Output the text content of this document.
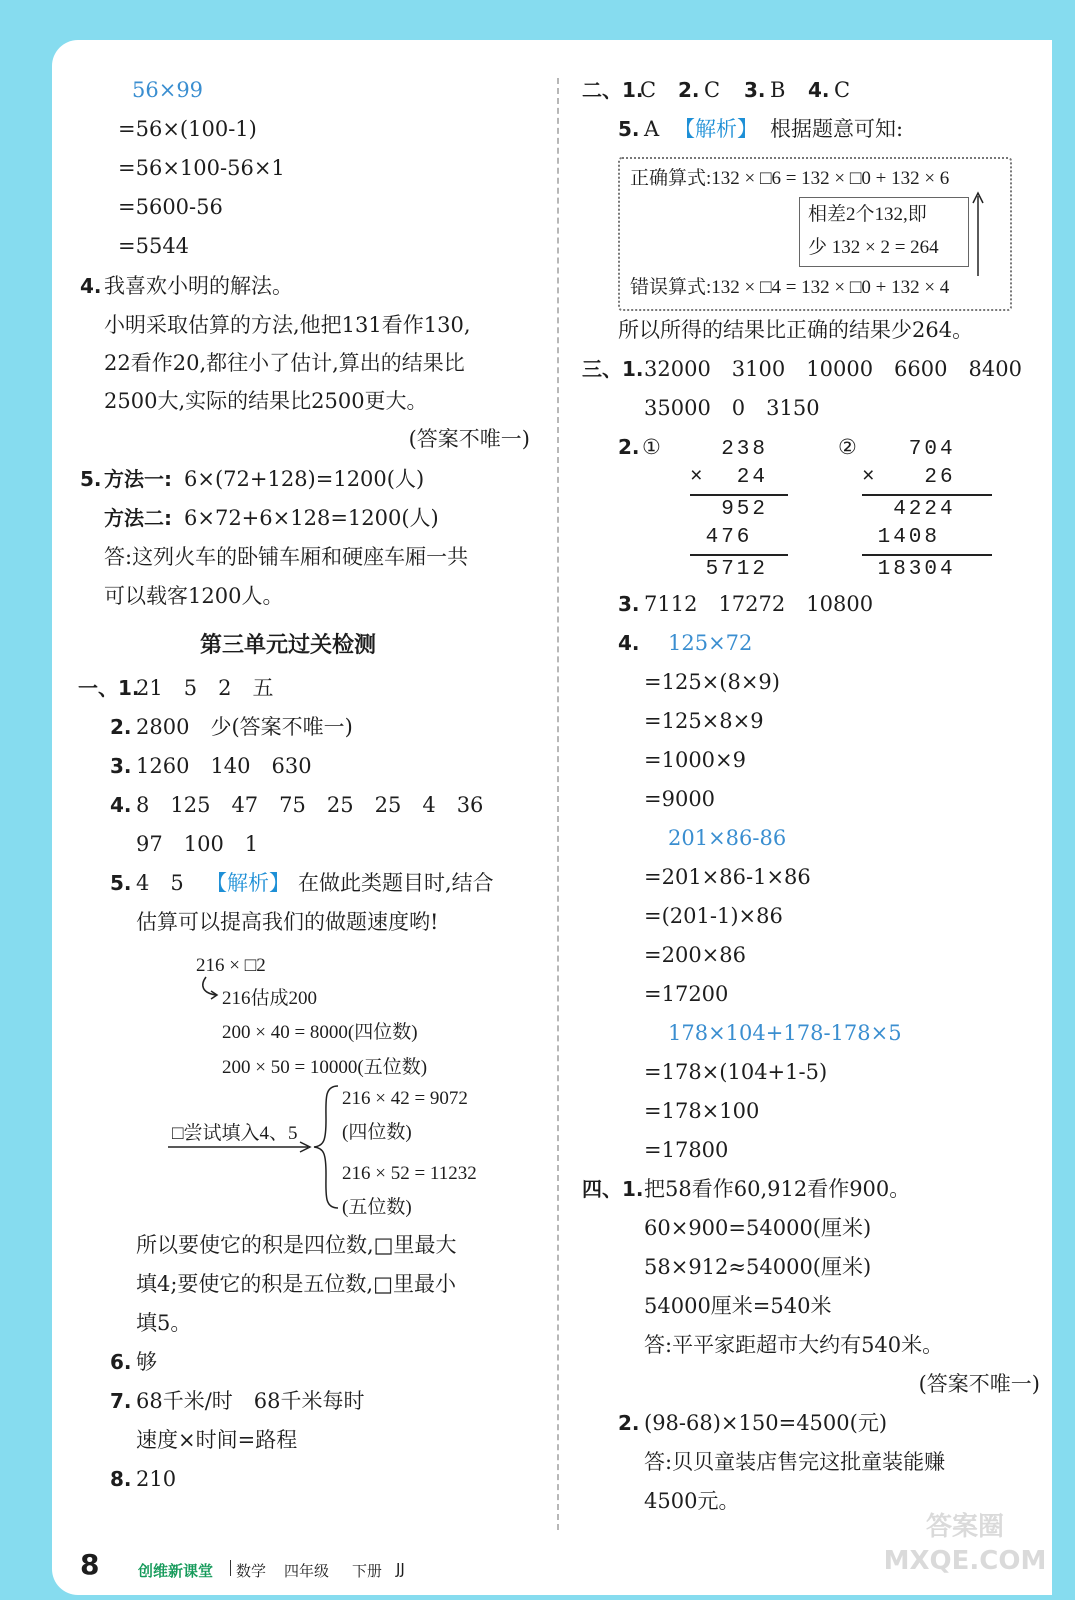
56×99
=56×(100-1)
=56×100-56×1
=5600-56
=5544
4. 我喜欢小明的解法。
小明采取估算的方法,他把131看作130,
22看作20,都往小了估计,算出的结果比
2500大,实际的结果比2500更大。
(答案不唯一)
5. 方法一: 6×(72+128)=1200(人)
方法二: 6×72+6×128=1200(人)
答:这列火车的卧铺车厢和硬座车厢一共
可以载客1200人。
第三单元过关检测
一、1.
21　5　2　五
2. 2800　少(答案不唯一)
3. 1260　140　630
4. 8　125　47　75　25　25　4　36
97　100　1
5. 4　5 【解析】 在做此类题目时,结合
估算可以提高我们的做题速度哟!
216 × □2
216估成200
200 × 40 = 8000(四位数)
200 × 50 = 10000(五位数)
□尝试填入4、5
216 × 42 = 9072
(四位数)
216 × 52 = 11232
(五位数)
所以要使它的积是四位数,□里最大
填4;要使它的积是五位数,□里最小
填5。
6. 够
7. 68千米/时　68千米每时
速度×时间=路程
8. 210
二、1.
C 2. C 3. B 4. C
5. A 【解析】 根据题意可知:
正确算式:132 × □6 = 132 × □0 + 132 × 6
相差2个132,即
少 132 × 2 = 264
错误算式:132 × □4 = 132 × □0 + 132 × 4
所以所得的结果比正确的结果少264。
三、1. 32000　3100　10000　6600　8400
35000　0　3150
2. ①	②
238
×  24
952
476
5712
704
×   26
4224
1408
18304
3. 7112　17272　10800
4. 125×72
=125×(8×9)
=125×8×9
=1000×9
=9000
201×86-86
=201×86-1×86
=(201-1)×86
=200×86
=17200
178×104+178-178×5
=178×(104+1-5)
=178×100
=17800
四、1. 把58看作60,912看作900。
60×900=54000(厘米)
58×912≈54000(厘米)
54000厘米=540米
答:平平家距超市大约有540米。
(答案不唯一)
2. (98-68)×150=4500(元)
答:贝贝童装店售完这批童装能赚
4500元。
8	创维新课堂 数学 四年级 下册 JJ
答案圈 MXQE.COM
